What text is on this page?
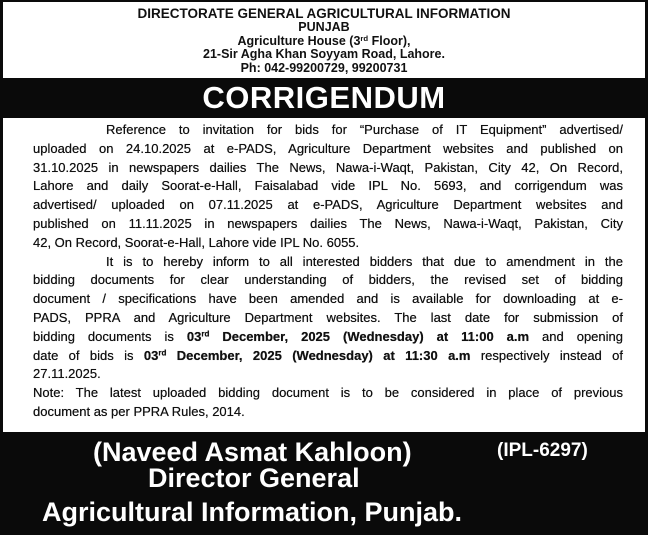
DIRECTORATE GENERAL AGRICULTURAL INFORMATION
PUNJAB
Agriculture House (3rd Floor),
21-Sir Agha Khan Soyyam Road, Lahore.
Ph: 042-99200729, 99200731
CORRIGENDUM
Reference to invitation for bids for “Purchase of IT Equipment” advertised/
uploaded on 24.10.2025 at e-PADS, Agriculture Department websites and published on
31.10.2025 in newspapers dailies The News, Nawa-i-Waqt, Pakistan, City 42, On Record,
Lahore and daily Soorat-e-Hall, Faisalabad vide IPL No. 5693, and corrigendum was
advertised/ uploaded on 07.11.2025 at e-PADS, Agriculture Department websites and
published on 11.11.2025 in newspapers dailies The News, Nawa-i-Waqt, Pakistan, City
42, On Record, Soorat-e-Hall, Lahore vide IPL No. 6055.
It is to hereby inform to all interested bidders that due to amendment in the
bidding documents for clear understanding of bidders, the revised set of bidding
document / specifications have been amended and is available for downloading at e-
PADS, PPRA and Agriculture Department websites. The last date for submission of
bidding documents is 03rd December, 2025 (Wednesday) at 11:00 a.m and opening
date of bids is 03rd December, 2025 (Wednesday) at 11:30 a.m respectively instead of
27.11.2025.
Note: The latest uploaded bidding document is to be considered in place of previous
document as per PPRA Rules, 2014.
(Naveed Asmat Kahloon)	(IPL-6297)
Director General
Agricultural Information, Punjab.
